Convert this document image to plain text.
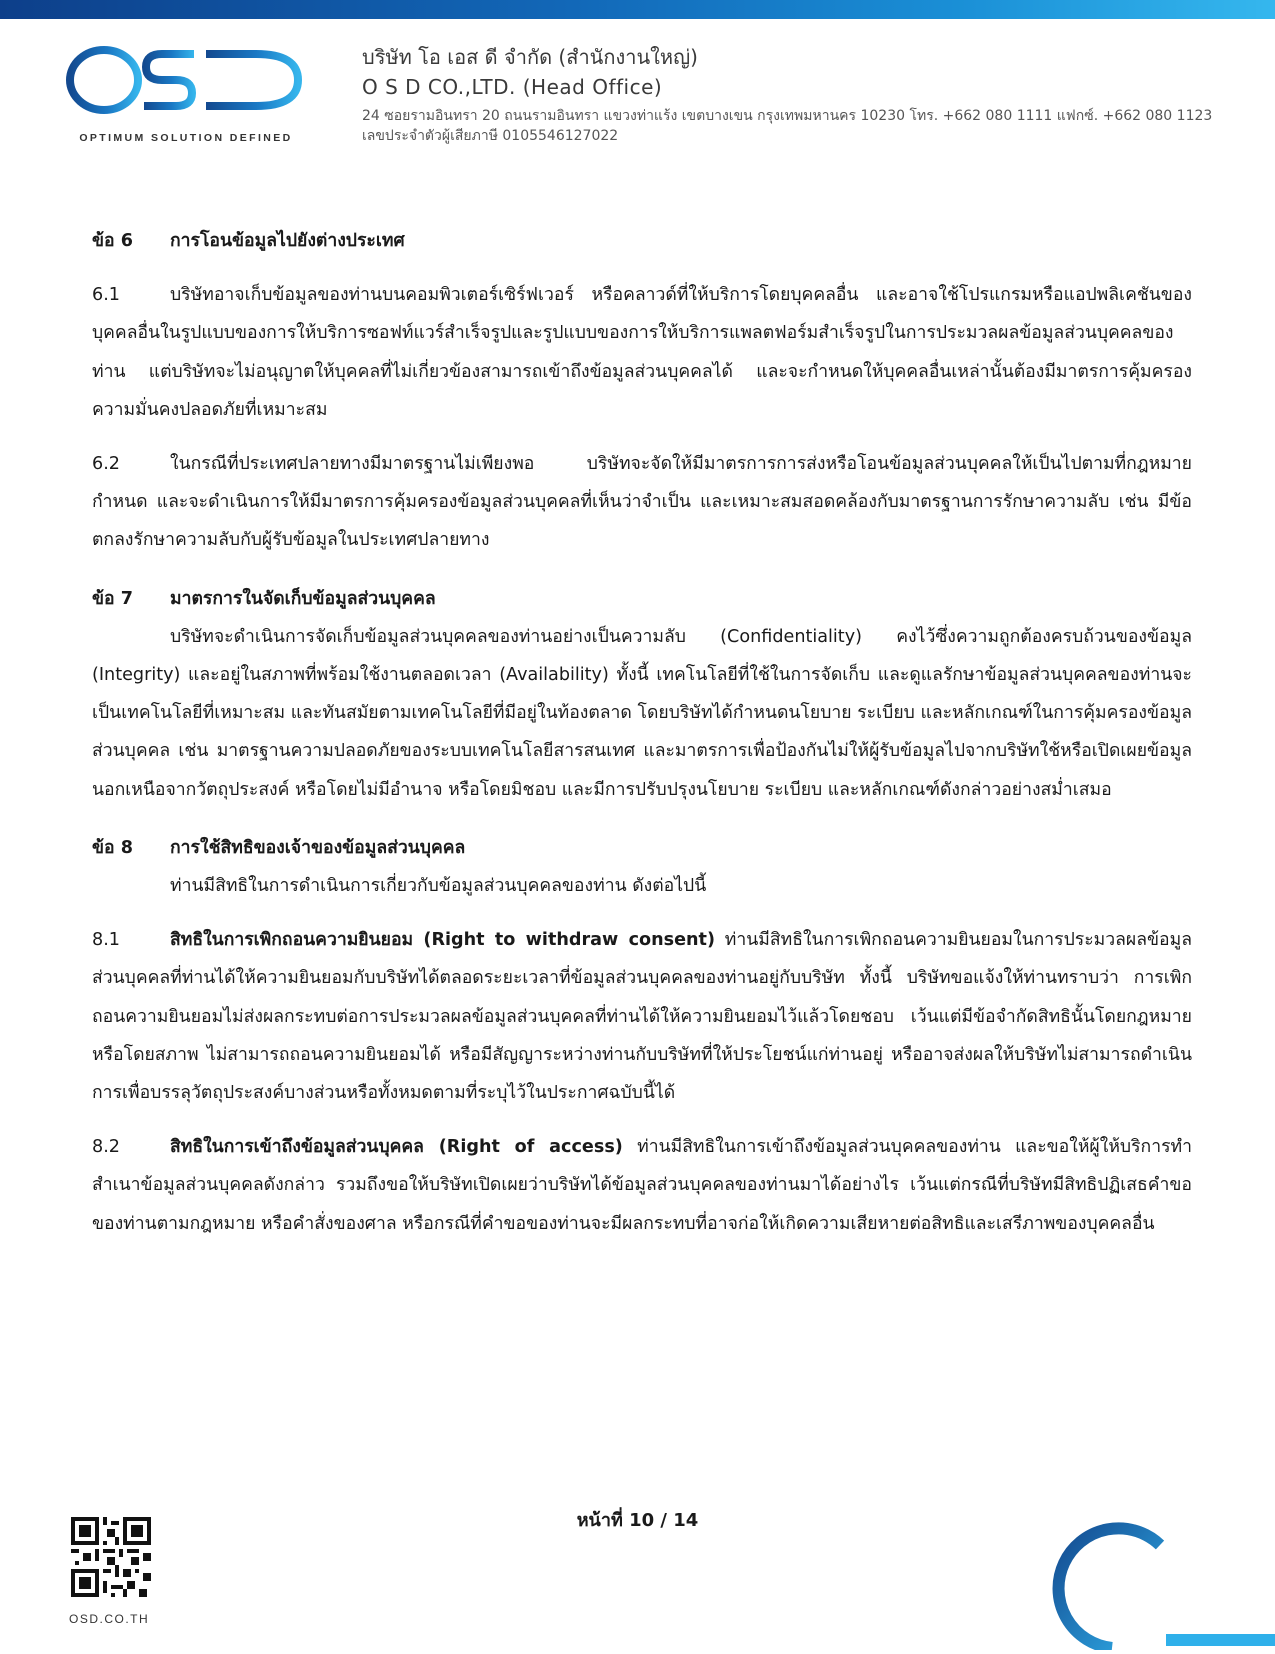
OPTIMUM SOLUTION DEFINED
บริษัท โอ เอส ดี จำกัด (สำนักงานใหญ่)
O S D CO.,LTD. (Head Office)
24 ซอยรามอินทรา 20 ถนนรามอินทรา แขวงท่าแร้ง เขตบางเขน กรุงเทพมหานคร 10230 โทร. +662 080 1111 แฟกซ์. +662 080 1123
เลขประจำตัวผู้เสียภาษี 0105546127022
ข้อ 6	การโอนข้อมูลไปยังต่างประเทศ

6.1	บริษัทอาจเก็บข้อมูลของท่านบนคอมพิวเตอร์เซิร์ฟเวอร์ หรือคลาวด์ที่ให้บริการโดยบุคคลอื่น และอาจใช้โปรแกรมหรือแอปพลิเคชันของบุคคลอื่นในรูปแบบของการให้บริการซอฟท์แวร์สำเร็จรูปและรูปแบบของการให้บริการแพลตฟอร์มสำเร็จรูปในการประมวลผลข้อมูลส่วนบุคคลของท่าน แต่บริษัทจะไม่อนุญาตให้บุคคลที่ไม่เกี่ยวข้องสามารถเข้าถึงข้อมูลส่วนบุคคลได้ และจะกำหนดให้บุคคลอื่นเหล่านั้นต้องมีมาตรการคุ้มครองความมั่นคงปลอดภัยที่เหมาะสม

6.2	ในกรณีที่ประเทศปลายทางมีมาตรฐานไม่เพียงพอ บริษัทจะจัดให้มีมาตรการการส่งหรือโอนข้อมูลส่วนบุคคลให้เป็นไปตามที่กฎหมายกำหนด และจะดำเนินการให้มีมาตรการคุ้มครองข้อมูลส่วนบุคคลที่เห็นว่าจำเป็น และเหมาะสมสอดคล้องกับมาตรฐานการรักษาความลับ เช่น มีข้อตกลงรักษาความลับกับผู้รับข้อมูลในประเทศปลายทาง

ข้อ 7	มาตรการในจัดเก็บข้อมูลส่วนบุคคล

บริษัทจะดำเนินการจัดเก็บข้อมูลส่วนบุคคลของท่านอย่างเป็นความลับ (Confidentiality) คงไว้ซึ่งความถูกต้องครบถ้วนของข้อมูล (Integrity) และอยู่ในสภาพที่พร้อมใช้งานตลอดเวลา (Availability) ทั้งนี้ เทคโนโลยีที่ใช้ในการจัดเก็บ และดูแลรักษาข้อมูลส่วนบุคคลของท่านจะเป็นเทคโนโลยีที่เหมาะสม และทันสมัยตามเทคโนโลยีที่มีอยู่ในท้องตลาด โดยบริษัทได้กำหนดนโยบาย ระเบียบ และหลักเกณฑ์ในการคุ้มครองข้อมูลส่วนบุคคล เช่น มาตรฐานความปลอดภัยของระบบเทคโนโลยีสารสนเทศ และมาตรการเพื่อป้องกันไม่ให้ผู้รับข้อมูลไปจากบริษัทใช้หรือเปิดเผยข้อมูลนอกเหนือจากวัตถุประสงค์ หรือโดยไม่มีอำนาจ หรือโดยมิชอบ และมีการปรับปรุงนโยบาย ระเบียบ และหลักเกณฑ์ดังกล่าวอย่างสม่ำเสมอ

ข้อ 8	การใช้สิทธิของเจ้าของข้อมูลส่วนบุคคล

ท่านมีสิทธิในการดำเนินการเกี่ยวกับข้อมูลส่วนบุคคลของท่าน ดังต่อไปนี้

8.1	สิทธิในการเพิกถอนความยินยอม (Right to withdraw consent) ท่านมีสิทธิในการเพิกถอนความยินยอมในการประมวลผลข้อมูลส่วนบุคคลที่ท่านได้ให้ความยินยอมกับบริษัทได้ตลอดระยะเวลาที่ข้อมูลส่วนบุคคลของท่านอยู่กับบริษัท ทั้งนี้ บริษัทขอแจ้งให้ท่านทราบว่า การเพิกถอนความยินยอมไม่ส่งผลกระทบต่อการประมวลผลข้อมูลส่วนบุคคลที่ท่านได้ให้ความยินยอมไว้แล้วโดยชอบ เว้นแต่มีข้อจำกัดสิทธินั้นโดยกฎหมาย หรือโดยสภาพ ไม่สามารถถอนความยินยอมได้ หรือมีสัญญาระหว่างท่านกับบริษัทที่ให้ประโยชน์แก่ท่านอยู่ หรืออาจส่งผลให้บริษัทไม่สามารถดำเนินการเพื่อบรรลุวัตถุประสงค์บางส่วนหรือทั้งหมดตามที่ระบุไว้ในประกาศฉบับนี้ได้

8.2	สิทธิในการเข้าถึงข้อมูลส่วนบุคคล (Right of access) ท่านมีสิทธิในการเข้าถึงข้อมูลส่วนบุคคลของท่าน และขอให้ผู้ให้บริการทำสำเนาข้อมูลส่วนบุคคลดังกล่าว รวมถึงขอให้บริษัทเปิดเผยว่าบริษัทได้ข้อมูลส่วนบุคคลของท่านมาได้อย่างไร เว้นแต่กรณีที่บริษัทมีสิทธิปฏิเสธคำขอของท่านตามกฎหมาย หรือคำสั่งของศาล หรือกรณีที่คำขอของท่านจะมีผลกระทบที่อาจก่อให้เกิดความเสียหายต่อสิทธิและเสรีภาพของบุคคลอื่น

หน้าที่ 10 / 14
OSD.CO.TH
